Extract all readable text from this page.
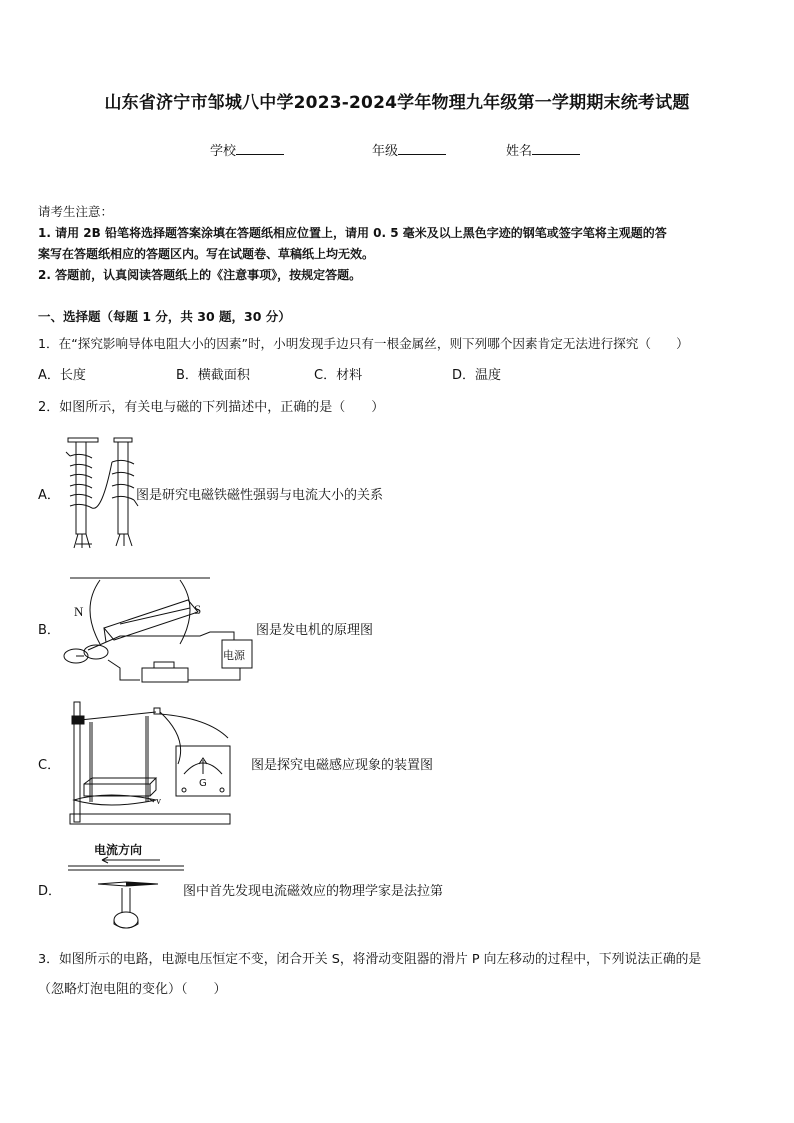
山东省济宁市邹城八中学2023-2024学年物理九年级第一学期期末统考试题
学校	年级	姓名
请考生注意：
1. 请用 2B 铅笔将选择题答案涂填在答题纸相应位置上，请用 0. 5 毫米及以上黑色字迹的钢笔或签字笔将主观题的答
案写在答题纸相应的答题区内。写在试题卷、草稿纸上均无效。
2. 答题前，认真阅读答题纸上的《注意事项》，按规定答题。
一、选择题（每题 1 分，共 30 题，30 分）
1．在“探究影响导体电阻大小的因素”时，小明发现手边只有一根金属丝，则下列哪个因素肯定无法进行探究（　　）
A．长度	B．横截面积	C．材料	D．温度
2．如图所示，有关电与磁的下列描述中，正确的是（　　）
A．	图是研究电磁铁磁性强弱与电流大小的关系
B．
N	S
电源
图是发电机的原理图
C．
v
G
图是探究电磁感应现象的装置图
D．
电流方向
图中首先发现电流磁效应的物理学家是法拉第
3．如图所示的电路，电源电压恒定不变，闭合开关 S，将滑动变阻器的滑片 P 向左移动的过程中，下列说法正确的是
（忽略灯泡电阻的变化）（　　）
